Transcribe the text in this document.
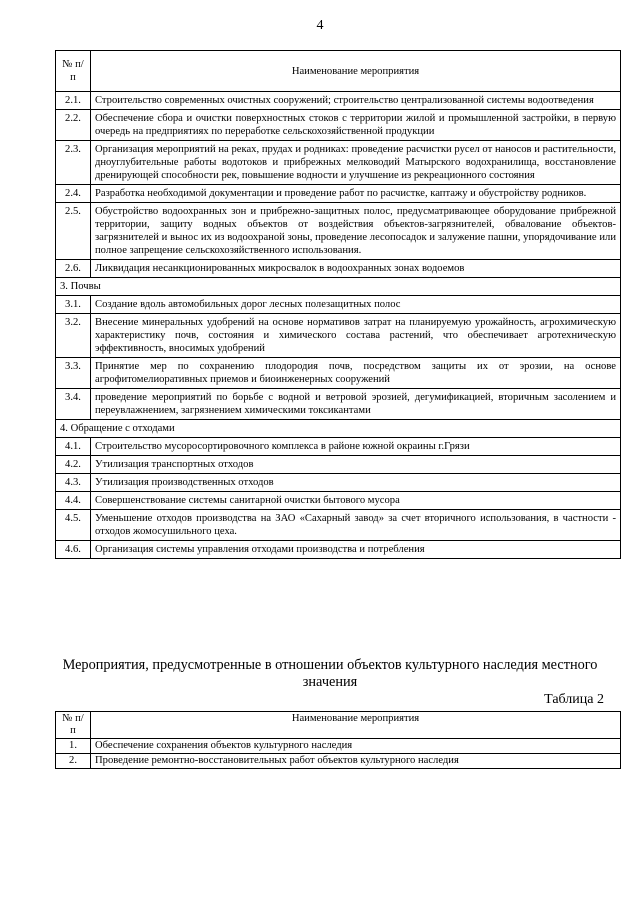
4
№ п/п	Наименование мероприятия
2.1.	Строительство современных очистных сооружений; строительство централизованной системы водоотведения
2.2.	Обеспечение сбора и очистки поверхностных стоков с территории жилой и промышленной застройки, в первую очередь на предприятиях по переработке сельскохозяйственной продукции
2.3.	Организация мероприятий на реках, прудах и родниках: проведение расчистки русел от наносов и растительности, дноуглубительные работы водотоков и прибрежных мелководий Матырского водохранилища, восстановление дренирующей способности рек, повышение водности и улучшение из рекреационного состояния
2.4.	Разработка необходимой документации и проведение работ по расчистке, каптажу и обустройству родников.
2.5.	Обустройство водоохранных зон и прибрежно-защитных полос, предусматривающее оборудование прибрежной территории, защиту водных объектов от воздействия объектов-загрязнителей, обвалование объектов-загрязнителей и вынос их из водоохраной зоны, проведение лесопосадок и залужение пашни, упорядочивание или полное запрещение сельскохозяйственного использования.
2.6.	Ликвидация несанкционированных микросвалок в водоохранных зонах водоемов
3. Почвы	
3.1.	Создание вдоль автомобильных дорог лесных полезащитных полос
3.2.	Внесение минеральных удобрений на основе нормативов затрат на планируемую урожайность, агрохимическую характеристику почв, состояния и химического состава растений, что обеспечивает агротехническую эффективность, вносимых удобрений
3.3.	Принятие мер по сохранению плодородия почв, посредством защиты их от эрозии, на основе агрофитомелиоративных приемов и биоинженерных сооружений
3.4.	проведение мероприятий по борьбе с водной и ветровой эрозией, дегумификацией, вторичным засолением и переувлажнением, загрязнением химическими токсикантами
4. Обращение с отходами	
4.1.	Строительство мусоросортировочного комплекса в районе южной окраины г.Грязи
4.2.	Утилизация транспортных отходов
4.3.	Утилизация производственных отходов
4.4.	Совершенствование системы санитарной очистки бытового мусора
4.5.	Уменьшение отходов производства на ЗАО «Сахарный завод» за счет вторичного использования, в частности - отходов жомосушильного цеха.
4.6.	Организация системы управления отходами производства и потребления
Мероприятия, предусмотренные в отношении объектов культурного наследия местного значения
Таблица 2
№ п/п	Наименование мероприятия
1.	Обеспечение сохранения объектов культурного наследия
2.	Проведение ремонтно-восстановительных работ объектов культурного наследия
